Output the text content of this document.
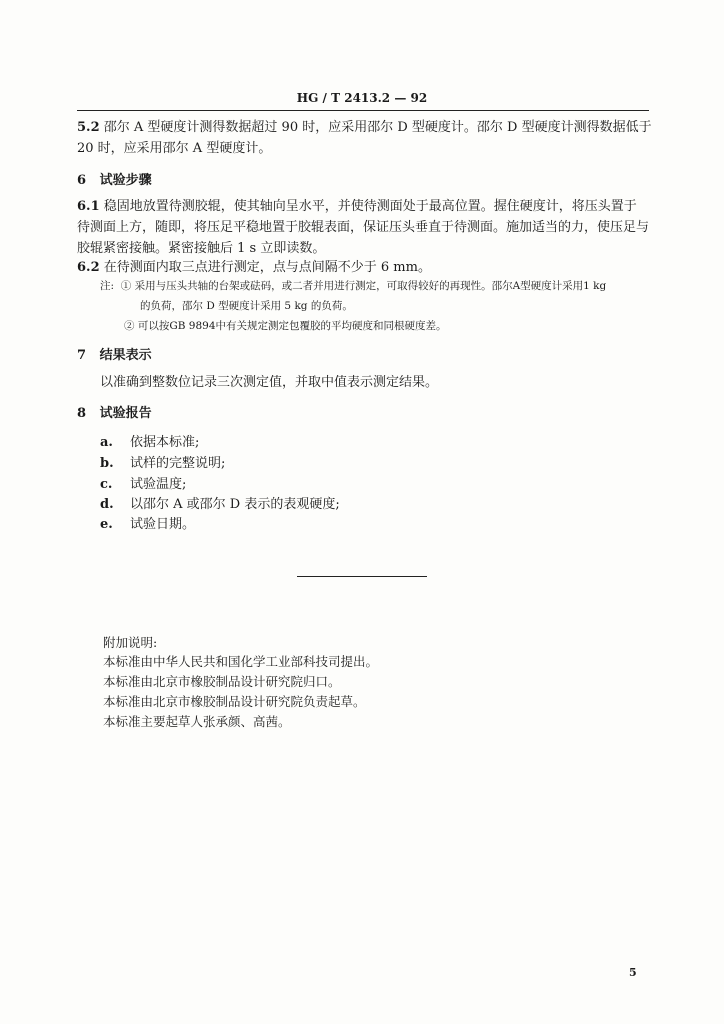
HG / T 2413.2 — 92
5.2 邵尔 A 型硬度计测得数据超过 90 时，应采用邵尔 D 型硬度计。邵尔 D 型硬度计测得数据低于
20 时，应采用邵尔 A 型硬度计。
6 试验步骤
6.1 稳固地放置待测胶辊，使其轴向呈水平，并使待测面处于最高位置。握住硬度计，将压头置于
待测面上方，随即，将压足平稳地置于胶辊表面，保证压头垂直于待测面。施加适当的力，使压足与
胶辊紧密接触。紧密接触后 1 s 立即读数。
6.2 在待测面内取三点进行测定，点与点间隔不少于 6 mm。
注: ① 采用与压头共轴的台架或砝码，或二者并用进行测定，可取得较好的再现性。邵尔A型硬度计采用1 kg
的负荷，邵尔 D 型硬度计采用 5 kg 的负荷。
② 可以按GB 9894中有关规定测定包覆胶的平均硬度和同根硬度差。
7 结果表示
以准确到整数位记录三次测定值，并取中值表示测定结果。
8 试验报告
a. 依据本标准;
b. 试样的完整说明;
c. 试验温度;
d. 以邵尔 A 或邵尔 D 表示的表观硬度;
e. 试验日期。
附加说明:
本标准由中华人民共和国化学工业部科技司提出。
本标准由北京市橡胶制品设计研究院归口。
本标准由北京市橡胶制品设计研究院负责起草。
本标准主要起草人张承颜、高茜。
5
